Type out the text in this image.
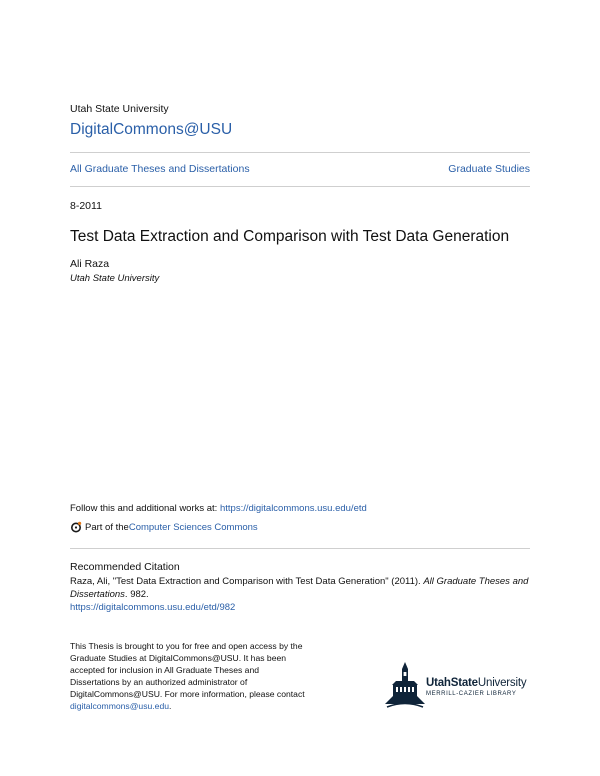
Utah State University
DigitalCommons@USU
All Graduate Theses and Dissertations	Graduate Studies
8-2011
Test Data Extraction and Comparison with Test Data Generation
Ali Raza
Utah State University
Follow this and additional works at: https://digitalcommons.usu.edu/etd
Part of the Computer Sciences Commons
Recommended Citation
Raza, Ali, "Test Data Extraction and Comparison with Test Data Generation" (2011). All Graduate Theses and Dissertations. 982.
https://digitalcommons.usu.edu/etd/982
This Thesis is brought to you for free and open access by the Graduate Studies at DigitalCommons@USU. It has been accepted for inclusion in All Graduate Theses and Dissertations by an authorized administrator of DigitalCommons@USU. For more information, please contact digitalcommons@usu.edu.
UtahStateUniversity
MERRILL-CAZIER LIBRARY
